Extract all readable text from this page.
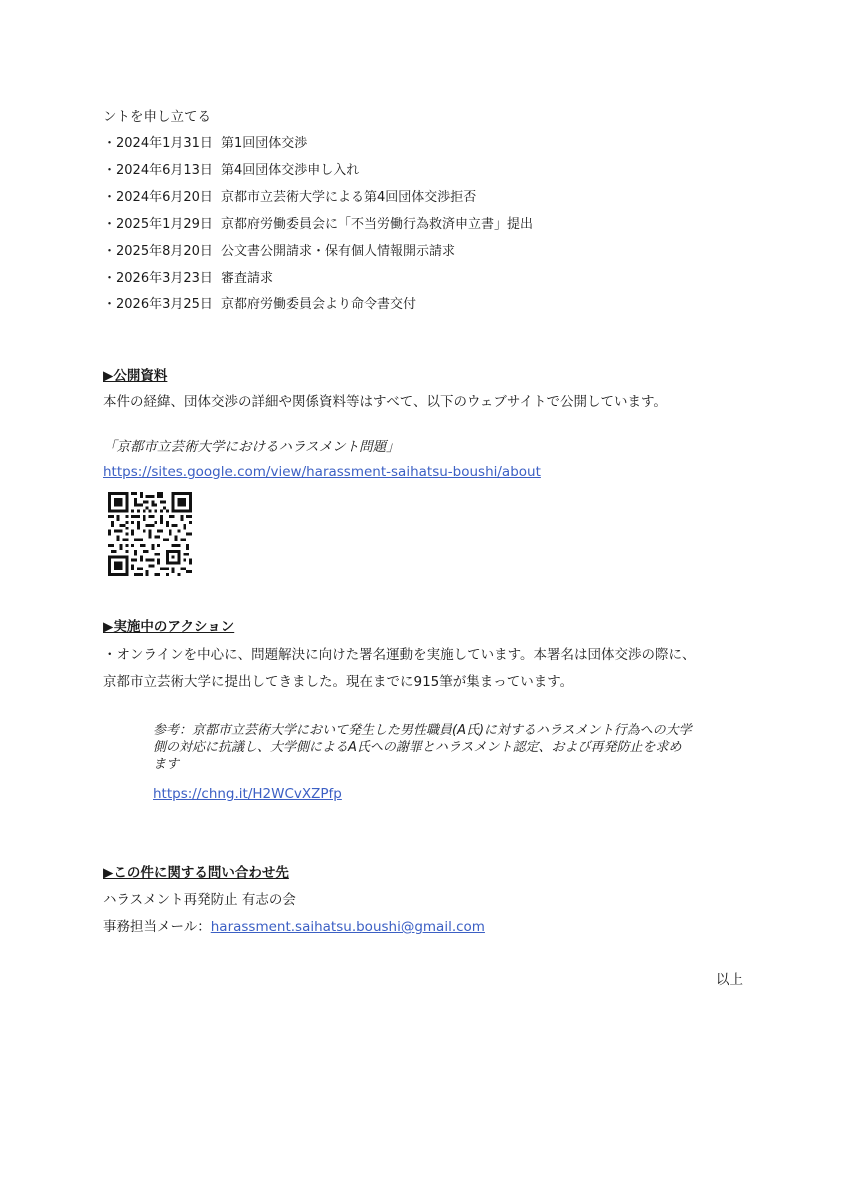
ントを申し立てる
・2024年1月31日 第1回団体交渉
・2024年6月13日 第4回団体交渉申し入れ
・2024年6月20日 京都市立芸術大学による第4回団体交渉拒否
・2025年1月29日 京都府労働委員会に「不当労働行為救済申立書」提出
・2025年8月20日 公文書公開請求・保有個人情報開示請求
・2026年3月23日 審査請求
・2026年3月25日 京都府労働委員会より命令書交付
▶公開資料
本件の経緯、団体交渉の詳細や関係資料等はすべて、以下のウェブサイトで公開しています。
「京都市立芸術大学におけるハラスメント問題」
https://sites.google.com/view/harassment-saihatsu-boushi/about
▶実施中のアクション
・オンラインを中心に、問題解決に向けた署名運動を実施しています。本署名は団体交渉の際に、
京都市立芸術大学に提出してきました。現在までに915筆が集まっています。
参考：京都市立芸術大学において発生した男性職員(A氏)に対するハラスメント行為への大学
側の対応に抗議し、大学側によるA氏への謝罪とハラスメント認定、および再発防止を求め
ます
https://chng.it/H2WCvXZPfp
▶この件に関する問い合わせ先
ハラスメント再発防止 有志の会
事務担当メール：harassment.saihatsu.boushi@gmail.com
以上
